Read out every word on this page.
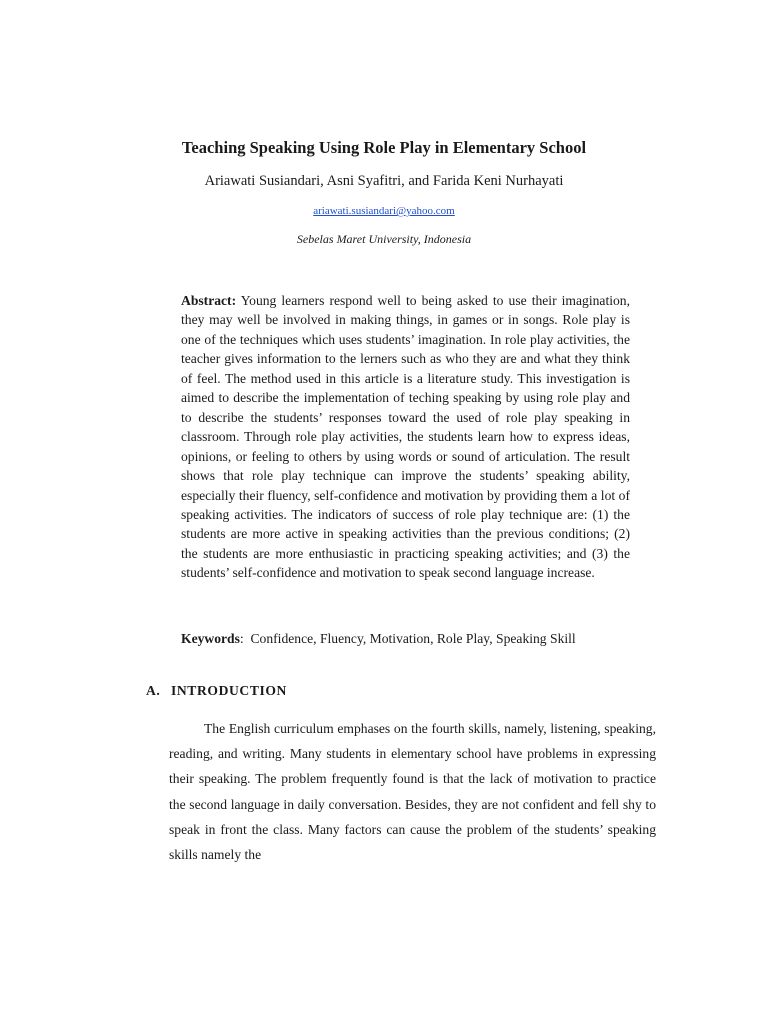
Teaching Speaking Using Role Play in Elementary School
Ariawati Susiandari, Asni Syafitri, and Farida Keni Nurhayati
ariawati.susiandari@yahoo.com
Sebelas Maret University, Indonesia

Abstract: Young learners respond well to being asked to use their imagination, they may well be involved in making things, in games or in songs. Role play is one of the techniques which uses students’ imagination. In role play activities, the teacher gives information to the lerners such as who they are and what they think of feel. The method used in this article is a literature study. This investigation is aimed to describe the implementation of teching speaking by using role play and to describe the students’ responses toward the used of role play speaking in classroom. Through role play activities, the students learn how to express ideas, opinions, or feeling to others by using words or sound of articulation. The result shows that role play technique can improve the students’ speaking ability, especially their fluency, self-confidence and motivation by providing them a lot of speaking activities. The indicators of success of role play technique are: (1) the students are more active in speaking activities than the previous conditions; (2) the students are more enthusiastic in practicing speaking activities; and (3) the students’ self-confidence and motivation to speak second language increase.

Keywords: Confidence, Fluency, Motivation, Role Play, Speaking Skill
A. INTRODUCTION

The English curriculum emphases on the fourth skills, namely, listening, speaking, reading, and writing. Many students in elementary school have problems in expressing their speaking. The problem frequently found is that the lack of motivation to practice the second language in daily conversation. Besides, they are not confident and fell shy to speak in front the class. Many factors can cause the problem of the students’ speaking skills namely the
